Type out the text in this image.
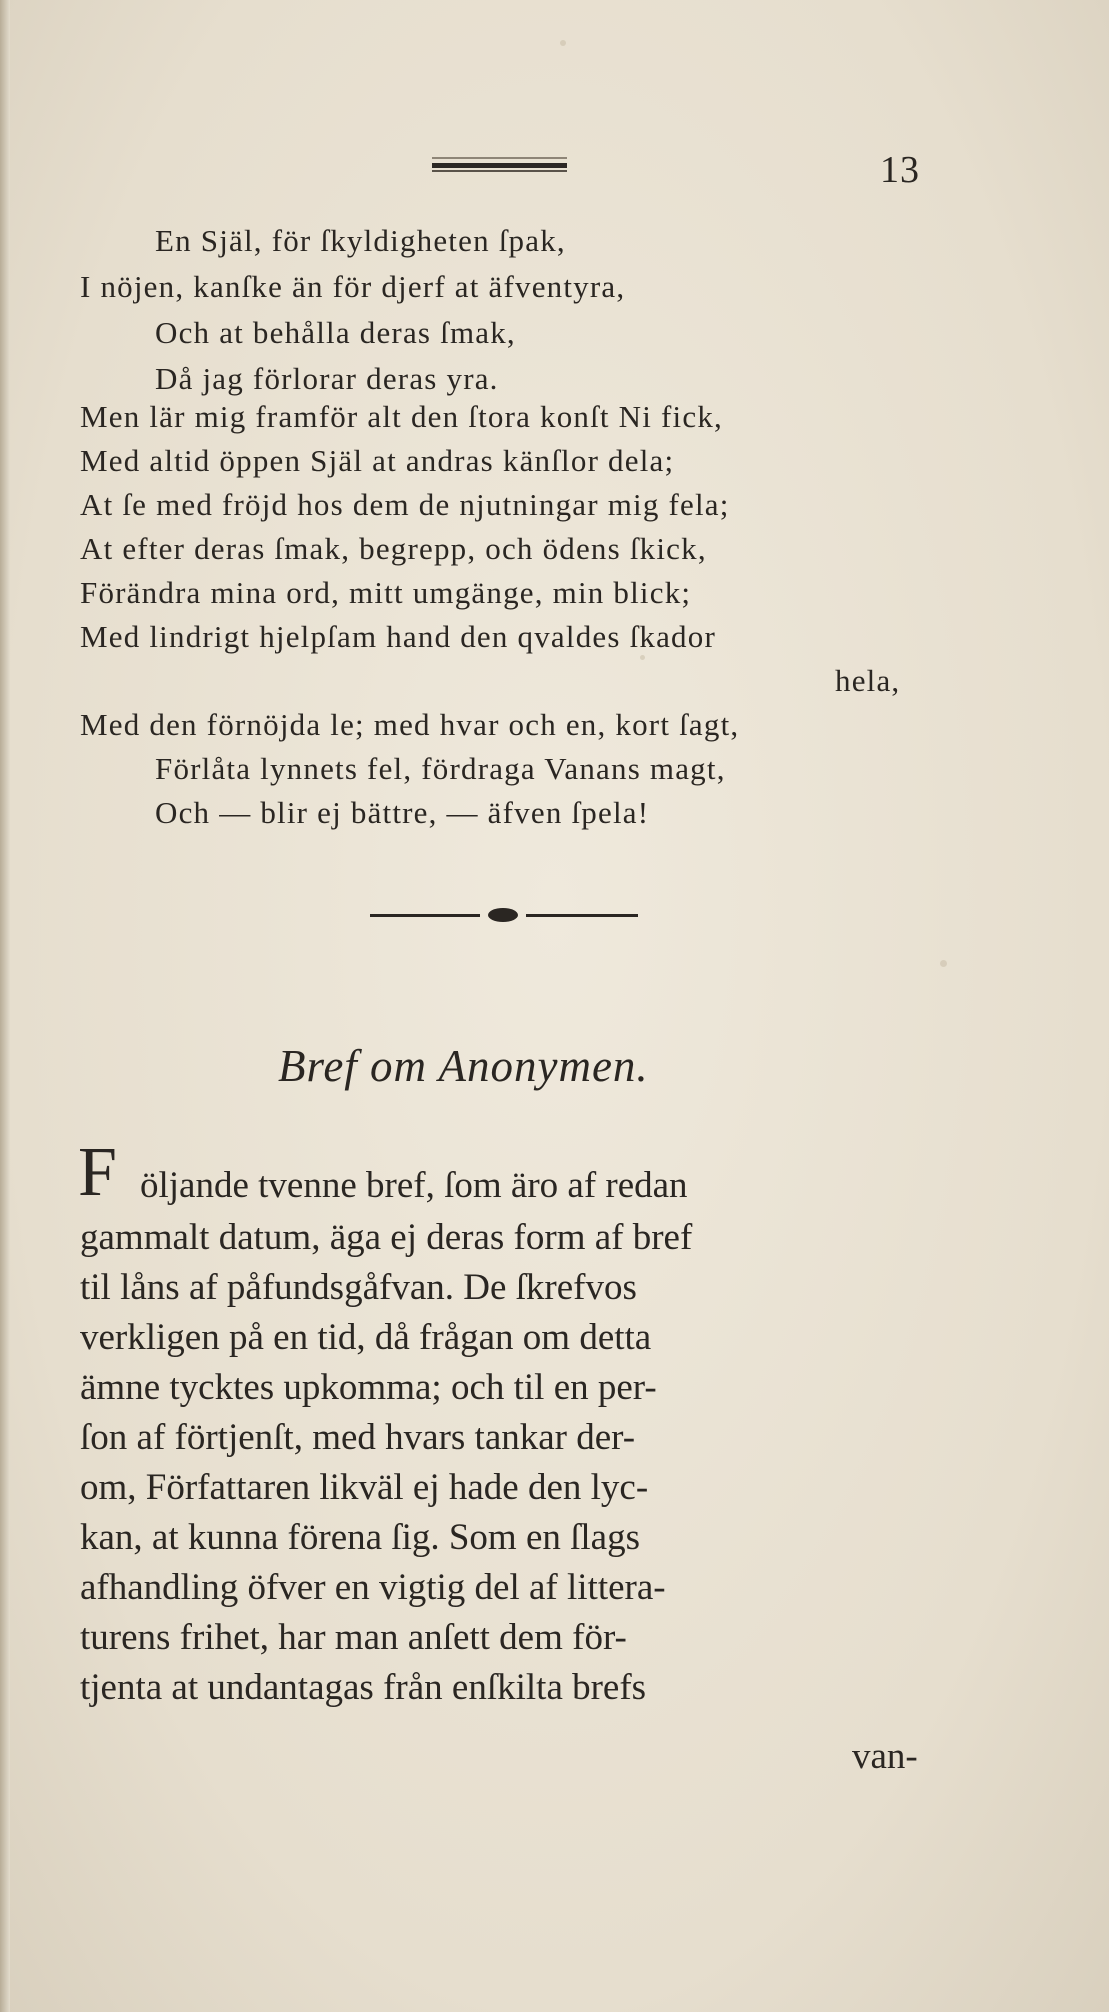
13
En Själ, för ſkyldigheten ſpak,
I nöjen, kanſke än för djerf at äfventyra,
Och at behålla deras ſmak,
Då jag förlorar deras yra.
Men lär mig framför alt den ſtora konſt Ni fick,
Med altid öppen Själ at andras känſlor dela;
At ſe med fröjd hos dem de njutningar mig fela;
At efter deras ſmak, begrepp, och ödens ſkick,
Förändra mina ord, mitt umgänge, min blick;
Med lindrigt hjelpſam hand den qvaldes ſkador
hela,
Med den förnöjda le; med hvar och en, kort ſagt,
Förlåta lynnets fel, fördraga Vanans magt,
Och — blir ej bättre, — äfven ſpela!
Bref om Anonymen.
F öljande tvenne bref, ſom äro af redan
gammalt datum, äga ej deras form af bref
til låns af påfundsgåfvan. De ſkrefvos
verkligen på en tid, då frågan om detta
ämne tycktes upkomma; och til en per-
ſon af förtjenſt, med hvars tankar der-
om, Författaren likväl ej hade den lyc-
kan, at kunna förena ſig. Som en ſlags
afhandling öfver en vigtig del af littera-
turens frihet, har man anſett dem för-
tjenta at undantagas från enſkilta brefs
van-
